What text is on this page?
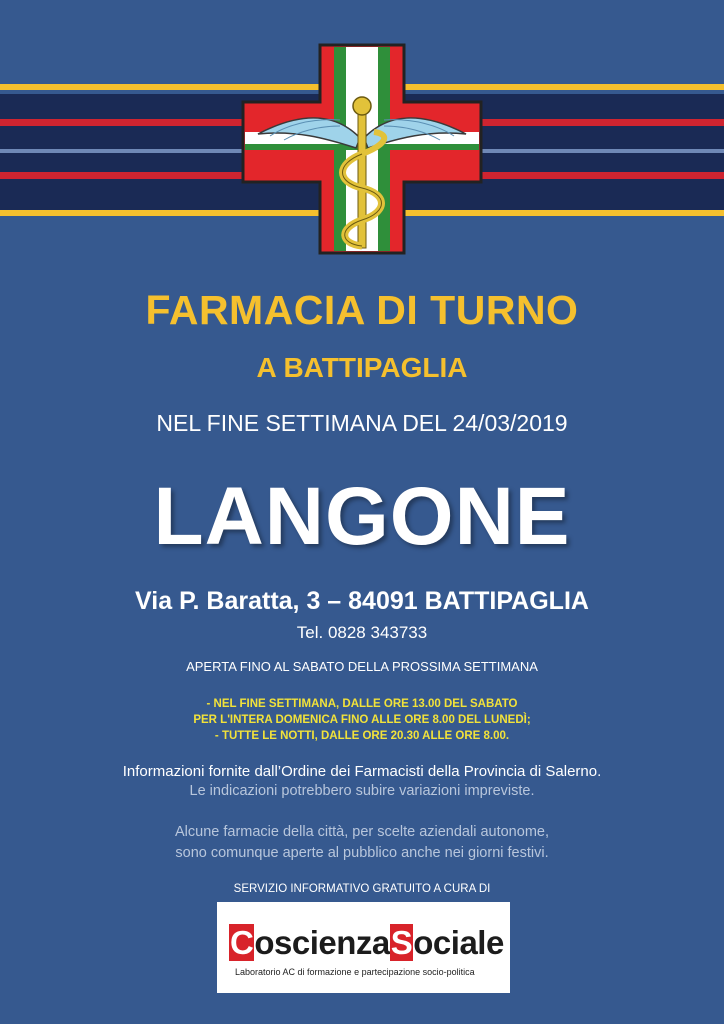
FARMACIA DI TURNO
A BATTIPAGLIA
NEL FINE SETTIMANA DEL 24/03/2019
LANGONE
Via P. Baratta, 3 – 84091 BATTIPAGLIA
Tel. 0828 343733
APERTA FINO AL SABATO DELLA PROSSIMA SETTIMANA
- NEL FINE SETTIMANA, DALLE ORE 13.00 DEL SABATO
PER L'INTERA DOMENICA FINO ALLE ORE 8.00 DEL LUNEDÌ;
- TUTTE LE NOTTI, DALLE ORE 20.30 ALLE ORE 8.00.
Informazioni fornite dall’Ordine dei Farmacisti della Provincia di Salerno.
Le indicazioni potrebbero subire variazioni impreviste.
Alcune farmacie della città, per scelte aziendali autonome,
sono comunque aperte al pubblico anche nei giorni festivi.
SERVIZIO INFORMATIVO GRATUITO A CURA DI
CoscienzaSociale
Laboratorio AC di formazione e partecipazione socio-politica
